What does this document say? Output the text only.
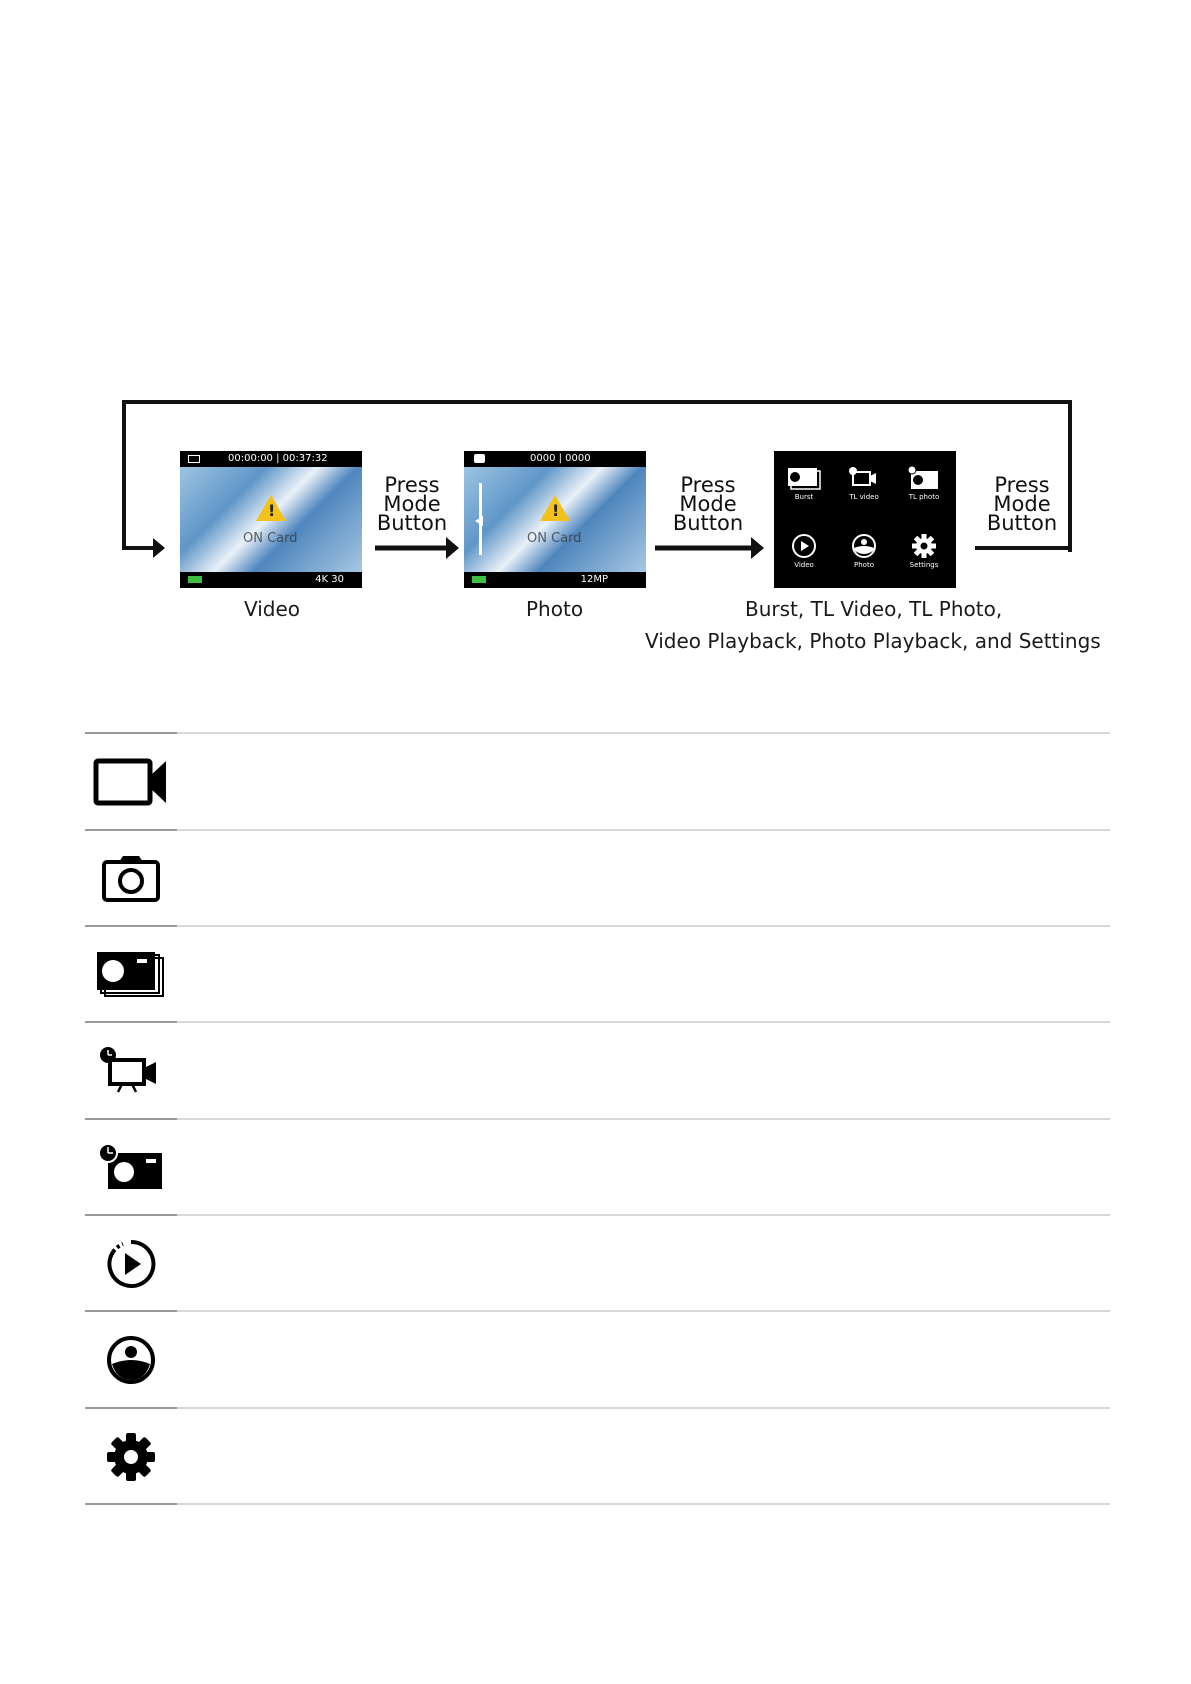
00:00:00 | 00:37:32
!
ON Card
4K 30
Video
0000 | 0000
!
ON Card
12MP
Photo
Burst	TL video	TL photo
Video	Photo	Settings
Burst, TL Video, TL Photo,
Video Playback, Photo Playback, and Settings
Press
Mode
Button
Press
Mode
Button
Press
Mode
Button
